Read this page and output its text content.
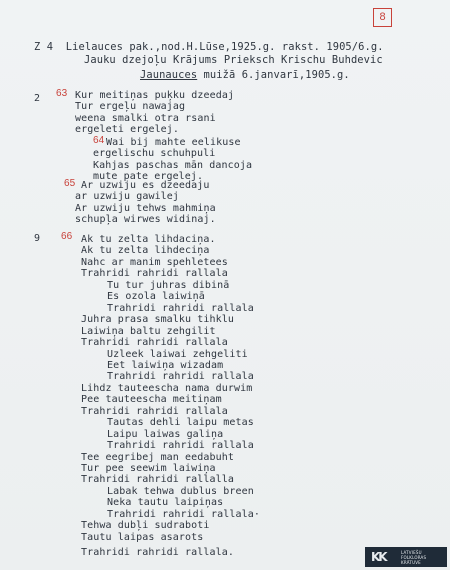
8
Z 4  Lielauces pak.,nod.H.Lūse,1925.g. rakst. 1905/6.g.
Jauku dzejoļu Krājums Prieksch Krischu Buhdevic
Jaunauces muižā 6.janvarī,1905.g.
2 63 Kur meitiņas puķku dzeedaj
Tur ergeļu nawajag
weena smalki otra rsani
ergeleti ergelej.
64 Wai bij mahte eelikuse
ergelischu schuhpuli
Kahjas paschas mān dancoja
mute pate ergelej.
65 Ar uzwiju es dzeedaju
ar uzwiju gawilej
Ar uzwiju tehws mahmiņa
schupļa wirwes widinaj.
9 66 Ak tu zelta lihdaciņa.
Ak tu zelta lihdeciņa
Nahc ar manim spehletees
Trahridi rahridi rallala
Tu tur juhras dibinā
Es ozola laiwiņā
Trahridi rahridi rallala
Juhra prasa smalku tihklu
Laiwiņa baltu zehgilit
Trahridi rahridi rallala
Uzleek laiwai zehgeliti
Eet laiwiņa wizadam
Trahridi rahridi rallala
Lihdz tauteescha nama durwim
Pee tauteescha meitiņam
Trahridi rahridi rallala
Tautas dehli laipu metas
Laipu laiwas galiņa
Trahridi rahridi rallala
Tee eegribej man eedabuht
Tur pee seewim laiwiņa
Trahridi rahridi rallalla
Labak tehwa dublus breen
Neka tautu laipiņas
Trahridi rahridi rallala·
Tehwa dubļi sudraboti
Tautu laipas asarots
Trahridi rahridi rallala.	KK	LATVIEŠU
FOLKLORAS
KRĀTUVE
